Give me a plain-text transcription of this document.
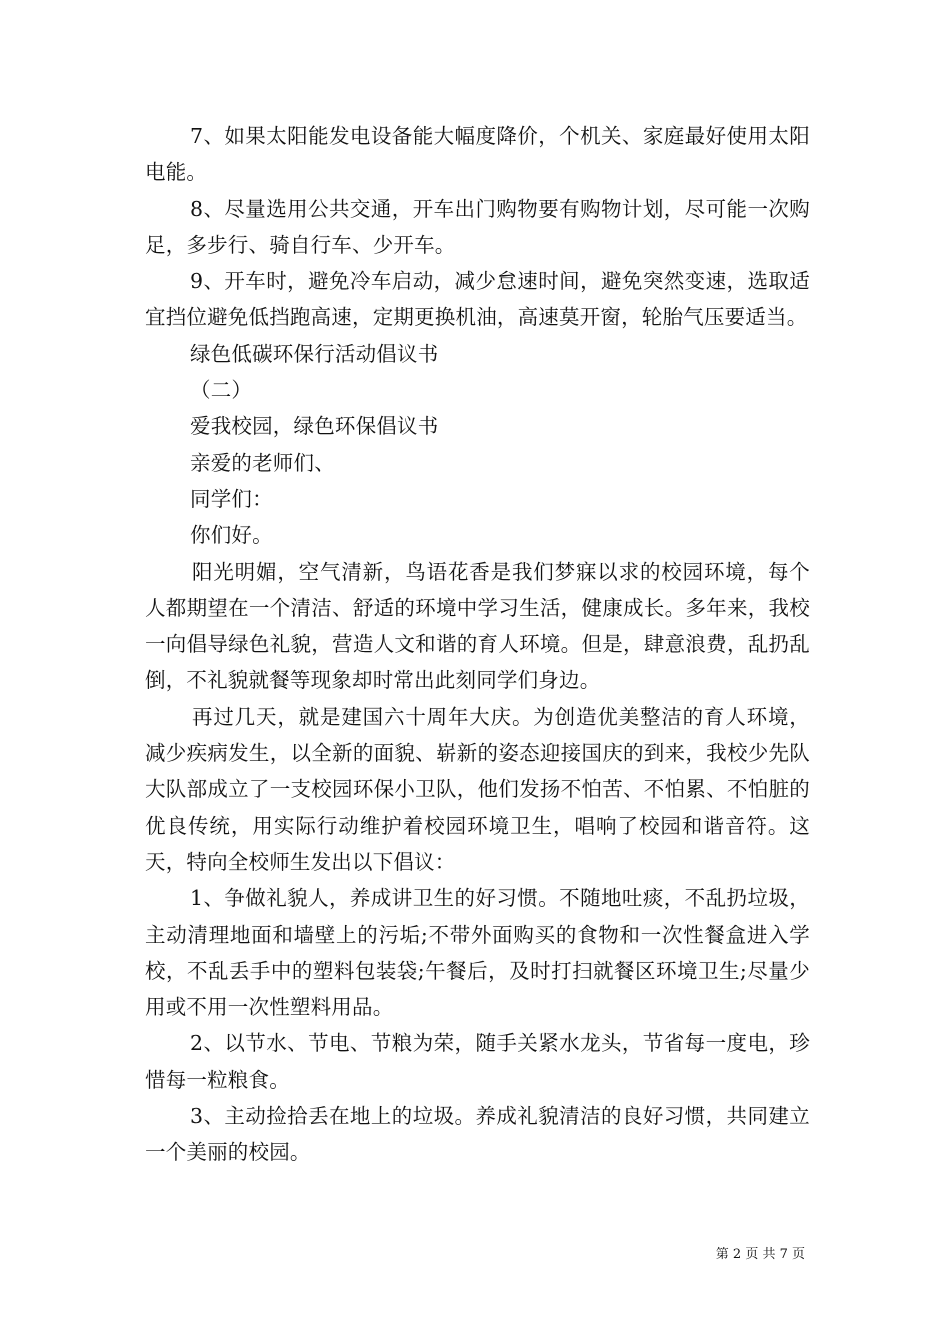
7、如果太阳能发电设备能大幅度降价，个机关、家庭最好使用太阳电能。

8、尽量选用公共交通，开车出门购物要有购物计划，尽可能一次购足，多步行、骑自行车、少开车。

9、开车时，避免冷车启动，减少怠速时间，避免突然变速，选取适宜挡位避免低挡跑高速，定期更换机油，高速莫开窗，轮胎气压要适当。

绿色低碳环保行活动倡议书

（二）

爱我校园，绿色环保倡议书

亲爱的老师们、

同学们：

你们好。

阳光明媚，空气清新，鸟语花香是我们梦寐以求的校园环境，每个人都期望在一个清洁、舒适的环境中学习生活，健康成长。多年来，我校一向倡导绿色礼貌，营造人文和谐的育人环境。但是，肆意浪费，乱扔乱倒，不礼貌就餐等现象却时常出此刻同学们身边。

再过几天，就是建国六十周年大庆。为创造优美整洁的育人环境，减少疾病发生，以全新的面貌、崭新的姿态迎接国庆的到来，我校少先队大队部成立了一支校园环保小卫队，他们发扬不怕苦、不怕累、不怕脏的优良传统，用实际行动维护着校园环境卫生，唱响了校园和谐音符。这天，特向全校师生发出以下倡议：

1、争做礼貌人，养成讲卫生的好习惯。不随地吐痰，不乱扔垃圾，主动清理地面和墙壁上的污垢;不带外面购买的食物和一次性餐盒进入学校，不乱丢手中的塑料包装袋;午餐后，及时打扫就餐区环境卫生;尽量少用或不用一次性塑料用品。

2、以节水、节电、节粮为荣，随手关紧水龙头，节省每一度电，珍惜每一粒粮食。

3、主动捡拾丢在地上的垃圾。养成礼貌清洁的良好习惯，共同建立一个美丽的校园。

第 2 页 共 7 页
